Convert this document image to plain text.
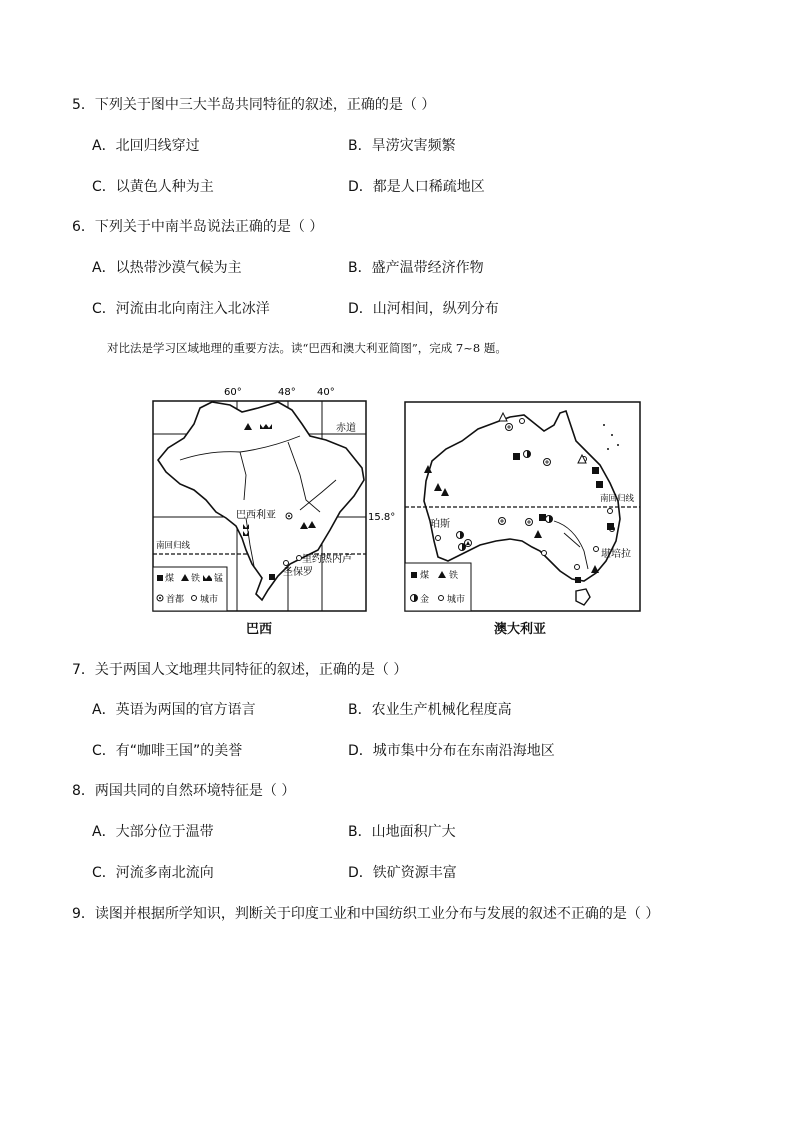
5．下列关于图中三大半岛共同特征的叙述，正确的是（ ）
A．北回归线穿过	B．旱涝灾害频繁
C．以黄色人种为主	D．都是人口稀疏地区
6．下列关于中南半岛说法正确的是（ ）
A．以热带沙漠气候为主	B．盛产温带经济作物
C．河流由北向南注入北冰洋	D．山河相间，纵列分布
对比法是学习区域地理的重要方法。读“巴西和澳大利亚简图”，完成 7~8 题。
60°	48° 40°
赤道
15.8°
南回归线
巴西利亚
里约热内卢
圣保罗
煤 铁 锰
首都 城市
巴西
南回归线
珀斯
堪培拉
煤 铁
金 城市
澳大利亚
7．关于两国人文地理共同特征的叙述，正确的是（ ）
A．英语为两国的官方语言	B．农业生产机械化程度高
C．有“咖啡王国”的美誉	D．城市集中分布在东南沿海地区
8．两国共同的自然环境特征是（ ）
A．大部分位于温带	B．山地面积广大
C．河流多南北流向	D．铁矿资源丰富
9．读图并根据所学知识，判断关于印度工业和中国纺织工业分布与发展的叙述不正确的是（ ）
